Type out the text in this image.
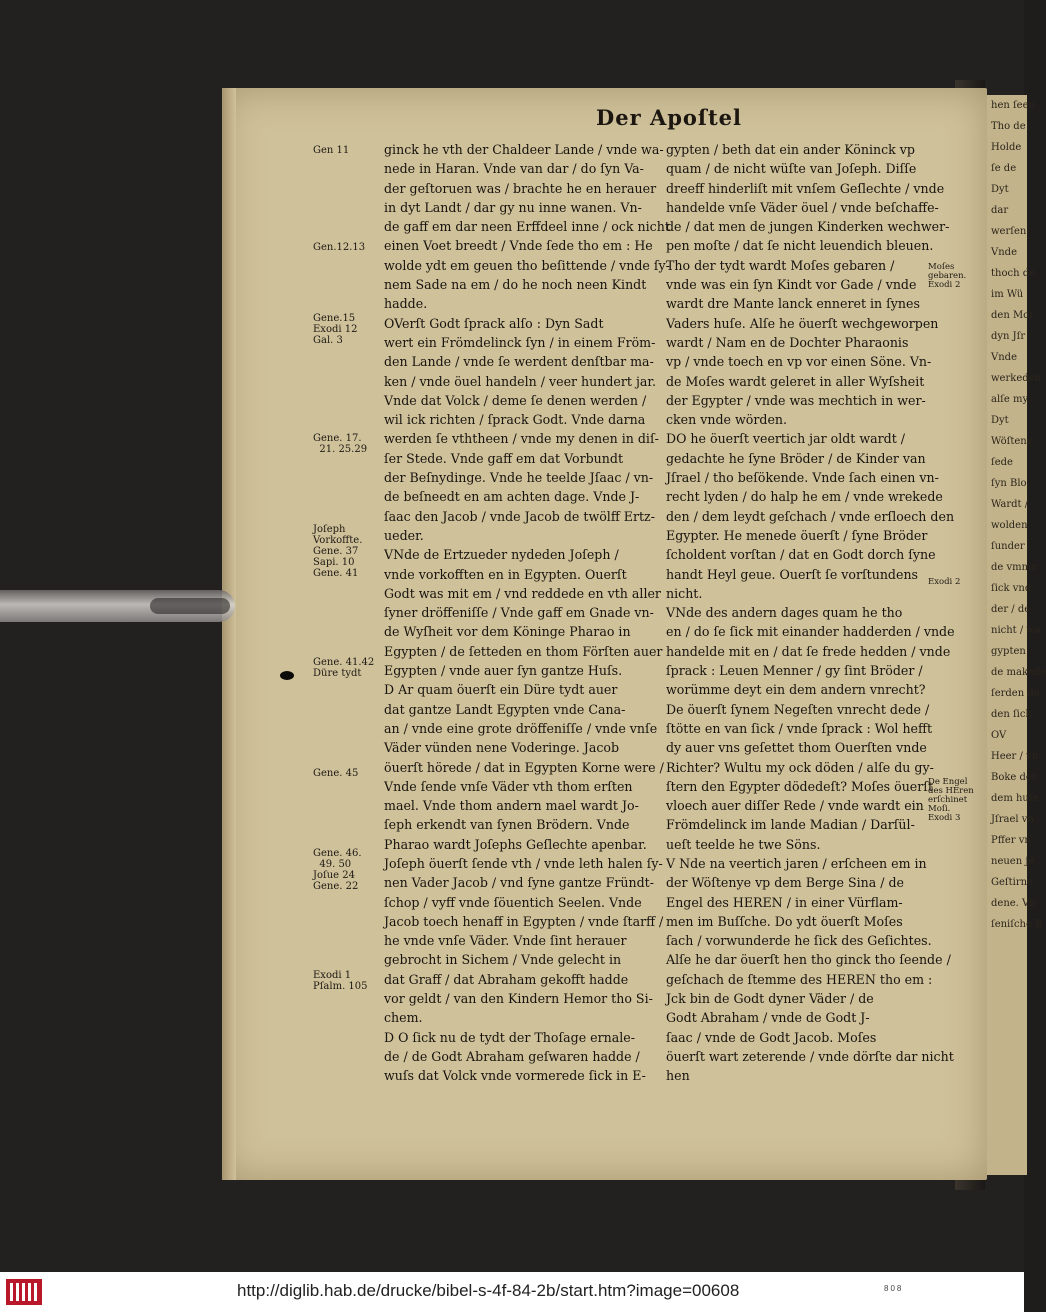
hen ſeen
Tho de
Holde
ſe de
Dyt
dar
werſen
Vnde
thoch de
im Wü
den Moſ
dyn Jſr
Vnde
werkeden
alſe my
Dyt
Wöſteny
ſede
ſyn Blo
Wardt /
wolden
ſunder
de vmme
ſick vnd
der / de
nicht / wa
gypten
de makede
ſerden de
den ſick
OV
Heer / vn
Boke der
dem huſe
Jſrael vn
Pffer vn
neuen je
Geſtirne
dene. Vn
ſeniſche B
Der Apoſtel
Gen 11
Gen.12.13
Gene.15
Exodi 12
Gal. 3
Gene. 17.
21. 25.29
Joſeph
Vorkoffte.
Gene. 37
Sapi. 10
Gene. 41
Gene. 41.42
Düre tydt
Gene. 45
Gene. 46.
49. 50
Joſue 24
Gene. 22
Exodi 1
Pſalm. 105
Moſes
gebaren.
Exodi 2
Exodi 2
De Engel
des HEren
erſchinet
Moſi.
Exodi 3
ginck he vth der Chaldeer Lande / vnde wa-
nede in Haran. Vnde van dar / do ſyn Va-
der geſtoruen was / brachte he en herauer
in dyt Landt / dar gy nu inne wanen. Vn-
de gaff em dar neen Erffdeel inne / ock nicht
einen Voet breedt / Vnde ſede tho em : He
wolde ydt em geuen tho beſittende / vnde ſy-
nem Sade na em / do he noch neen Kindt
hadde.
OVerſt Godt ſprack alſo : Dyn Sadt
wert ein Frömdelinck ſyn / in einem Fröm-
den Lande / vnde ſe werdent denſtbar ma-
ken / vnde öuel handeln / veer hundert jar.
Vnde dat Volck / deme ſe denen werden /
wil ick richten / ſprack Godt. Vnde darna
werden ſe vththeen / vnde my denen in diſ-
ſer Stede. Vnde gaff em dat Vorbundt
der Beſnydinge. Vnde he teelde Jſaac / vn-
de beſneedt en am achten dage. Vnde J-
ſaac den Jacob / vnde Jacob de twölff Ertz-
ueder.
VNde de Ertzueder nydeden Joſeph /
vnde vorkofften en in Egypten. Ouerſt
Godt was mit em / vnd reddede en vth aller
ſyner dröffeniſſe / Vnde gaff em Gnade vn-
de Wyſheit vor dem Köninge Pharao in
Egypten / de ſetteden en thom Förſten auer
Egypten / vnde auer ſyn gantze Huſs.
D Ar quam öuerſt ein Düre tydt auer
dat gantze Landt Egypten vnde Cana-
an / vnde eine grote dröffeniſſe / vnde vnſe
Väder vünden nene Voderinge. Jacob
öuerſt hörede / dat in Egypten Korne were /
Vnde ſende vnſe Väder vth thom erſten
mael. Vnde thom andern mael wardt Jo-
ſeph erkendt van ſynen Brödern. Vnde
Pharao wardt Joſephs Geſlechte apenbar.
Joſeph öuerſt ſende vth / vnde leth halen ſy-
nen Vader Jacob / vnd ſyne gantze Fründt-
ſchop / vyff vnde ſöuentich Seelen. Vnde
Jacob toech henaff in Egypten / vnde ſtarff /
he vnde vnſe Väder. Vnde ſint herauer
gebrocht in Sichem / Vnde gelecht in
dat Graff / dat Abraham gekofft hadde
vor geldt / van den Kindern Hemor tho Si-
chem.
D O ſick nu de tydt der Thoſage ernale-
de / de Godt Abraham geſwaren hadde /
wuſs dat Volck vnde vormerede ſick in E-
gypten / beth dat ein ander Köninck vp
quam / de nicht wüſte van Joſeph. Diſſe
dreeff hinderliſt mit vnſem Geſlechte / vnde
handelde vnſe Väder öuel / vnde beſchaffe-
de / dat men de jungen Kinderken wechwer-
pen moſte / dat ſe nicht leuendich bleuen.
Tho der tydt wardt Moſes gebaren /
vnde was ein ſyn Kindt vor Gade / vnde
wardt dre Mante lanck enneret in ſynes
Vaders huſe. Alſe he öuerſt wechgeworpen
wardt / Nam en de Dochter Pharaonis
vp / vnde toech en vp vor einen Söne. Vn-
de Moſes wardt geleret in aller Wyſsheit
der Egypter / vnde was mechtich in wer-
cken vnde wörden.
DO he öuerſt veertich jar oldt wardt /
gedachte he ſyne Bröder / de Kinder van
Jſrael / tho beſökende. Vnde ſach einen vn-
recht lyden / do halp he em / vnde wrekede
den / dem leydt geſchach / vnde erſloech den
Egypter. He menede öuerſt / ſyne Bröder
ſcholdent vorſtan / dat en Godt dorch ſyne
handt Heyl geue. Ouerſt ſe vorſtundens
nicht.
VNde des andern dages quam he tho
en / do ſe ſick mit einander hadderden / vnde
handelde mit en / dat ſe frede hedden / vnde
ſprack : Leuen Menner / gy ſint Bröder /
worümme deyt ein dem andern vnrecht?
De öuerſt ſynem Negeſten vnrecht dede /
ſtötte en van ſick / vnde ſprack : Wol hefft
dy auer vns geſettet thom Ouerſten vnde
Richter? Wultu my ock döden / alſe du gy-
ſtern den Egypter dödedeſt? Moſes öuerſt
vloech auer diſſer Rede / vnde wardt ein
Frömdelinck im lande Madian / Darſül-
ueſt teelde he twe Söns.
V Nde na veertich jaren / erſcheen em in
der Wöſtenye vp dem Berge Sina / de
Engel des HEREN / in einer Vürflam-
men im Buſſche. Do ydt öuerſt Moſes
ſach / vorwunderde he ſick des Geſichtes.
Alſe he dar öuerſt hen tho ginck tho ſeende /
geſchach de ſtemme des HEREN tho em :
Jck bin de Godt dyner Väder / de
Godt Abraham / vnde de Godt J-
ſaac / vnde de Godt Jacob. Moſes
öuerſt wart zeterende / vnde dörſte dar nicht
hen
http://diglib.hab.de/drucke/bibel-s-4f-84-2b/start.htm?image=00608	808
